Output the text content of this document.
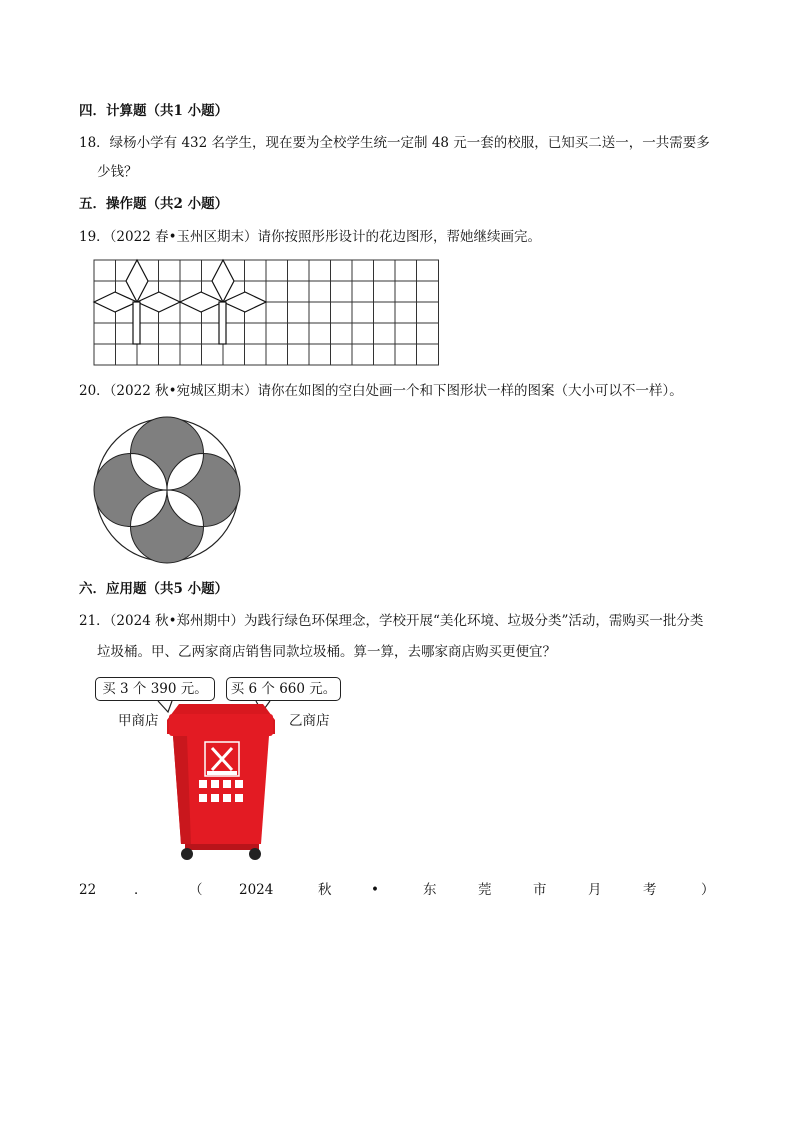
四．计算题（共1 小题）
18．绿杨小学有 432 名学生，现在要为全校学生统一定制 48 元一套的校服，已知买二送一，一共需要多
少钱？
五．操作题（共2 小题）
19．（2022 春•玉州区期末）请你按照彤彤设计的花边图形，帮她继续画完。
20．（2022 秋•宛城区期末）请你在如图的空白处画一个和下图形状一样的图案（大小可以不一样）。
六．应用题（共5 小题）
21．（2024 秋•郑州期中）为践行绿色环保理念，学校开展“美化环境、垃圾分类”活动，需购买一批分类
垃圾桶。甲、乙两家商店销售同款垃圾桶。算一算，去哪家商店购买更便宜？
买 3 个 390 元。	买 6 个 660 元。
甲商店	乙商店
22	．	（	2024	秋	•	东	莞	市	月	考	）
